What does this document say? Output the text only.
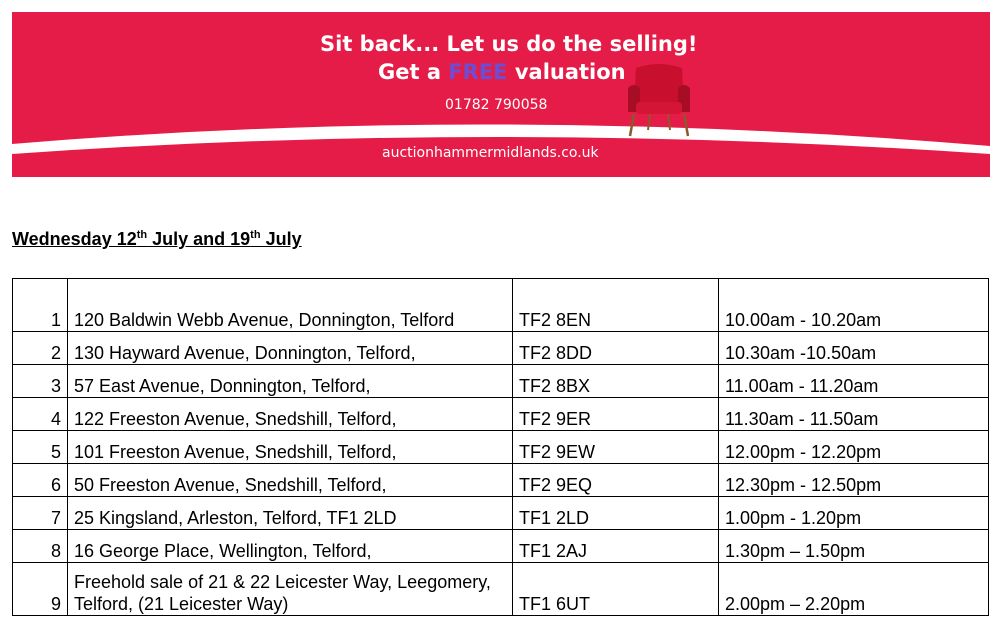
Sit back... Let us do the selling!
Get a FREE valuation
01782 790058
auctionhammermidlands.co.uk
Wednesday 12th July and 19th July
1	120 Baldwin Webb Avenue, Donnington, Telford	TF2 8EN	10.00am - 10.20am
2	130 Hayward Avenue, Donnington, Telford,	TF2 8DD	10.30am -10.50am
3	57 East Avenue, Donnington, Telford,	TF2 8BX	11.00am - 11.20am
4	122 Freeston Avenue, Snedshill, Telford,	TF2 9ER	11.30am - 11.50am
5	101 Freeston Avenue, Snedshill, Telford,	TF2 9EW	12.00pm - 12.20pm
6	50 Freeston Avenue, Snedshill, Telford,	TF2 9EQ	12.30pm - 12.50pm
7	25 Kingsland, Arleston, Telford, TF1 2LD	TF1 2LD	1.00pm - 1.20pm
8	16 George Place, Wellington, Telford,	TF1 2AJ	1.30pm – 1.50pm
9	Freehold sale of 21 & 22 Leicester Way, Leegomery, Telford, (21 Leicester Way)	TF1 6UT	2.00pm – 2.20pm
